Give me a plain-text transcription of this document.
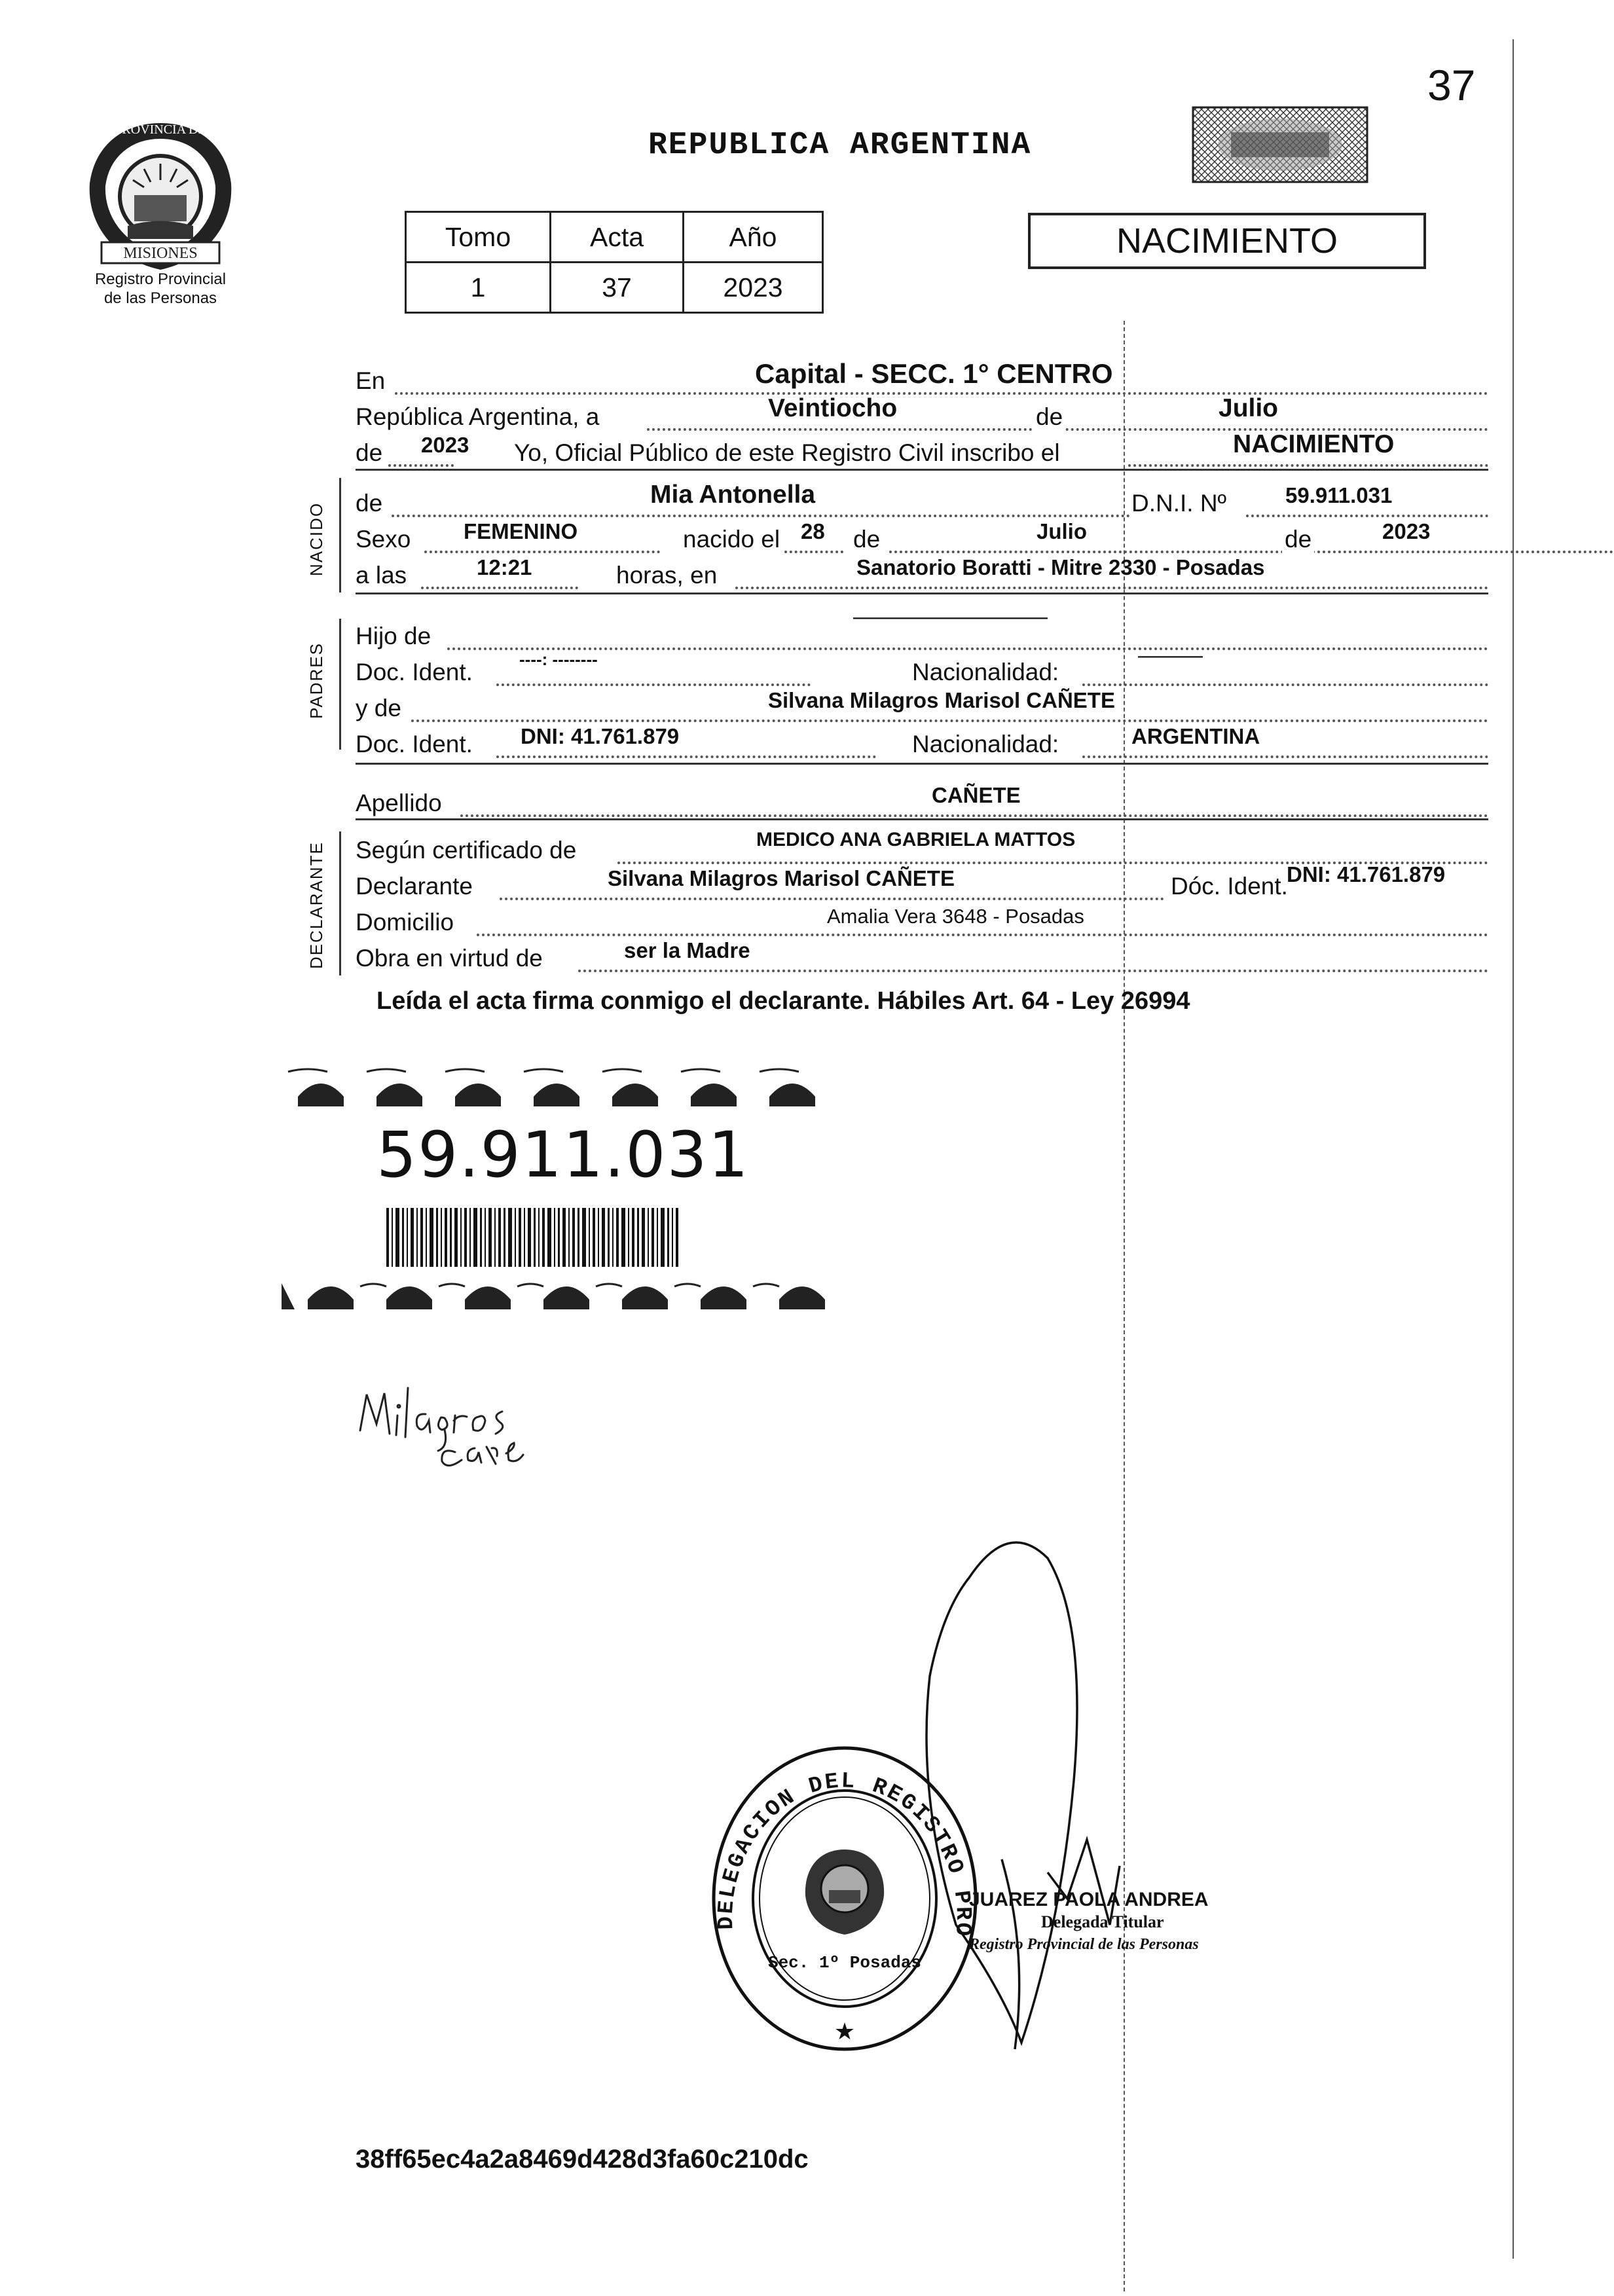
37
PROVINCIA DE
MISIONES
Registro Provincial
de las Personas
REPUBLICA ARGENTINA
Tomo	Acta	Año
1	37	2023
NACIMIENTO
En	Capital - SECC. 1° CENTRO
República Argentina, a	Veintiocho	de	Julio
de 2023 Yo, Oficial Público de este Registro Civil inscribo el	NACIMIENTO
NACIDO de	Mia Antonella	D.N.I. Nº	59.911.031
Sexo FEMENINO	nacido el 28 de	Julio	de	2023
a las	12:21	horas, en	Sanatorio Boratti - Mitre 2330 - Posadas
PADRES
Hijo de
—————————
Doc. Ident.	----: --------	Nacionalidad:
———
y de	Silvana Milagros Marisol CAÑETE
Doc. Ident. DNI: 41.761.879	Nacionalidad:	ARGENTINA
Apellido	CAÑETE
DECLARANTE Según certificado de	MEDICO ANA GABRIELA MATTOS
Declarante	Silvana Milagros Marisol CAÑETE	Dóc. Ident.
DNI: 41.761.879
Domicilio	Amalia Vera 3648 - Posadas
Obra en virtud de	ser la Madre
Leída el acta firma conmigo el declarante. Hábiles Art. 64 - Ley 26994
59.911.031
DELEGACION DEL REGISTRO PRO
Sec. 1º Posadas
★
JUAREZ PAOLA ANDREA
Delegada Titular
Registro Provincial de las Personas
38ff65ec4a2a8469d428d3fa60c210dc
